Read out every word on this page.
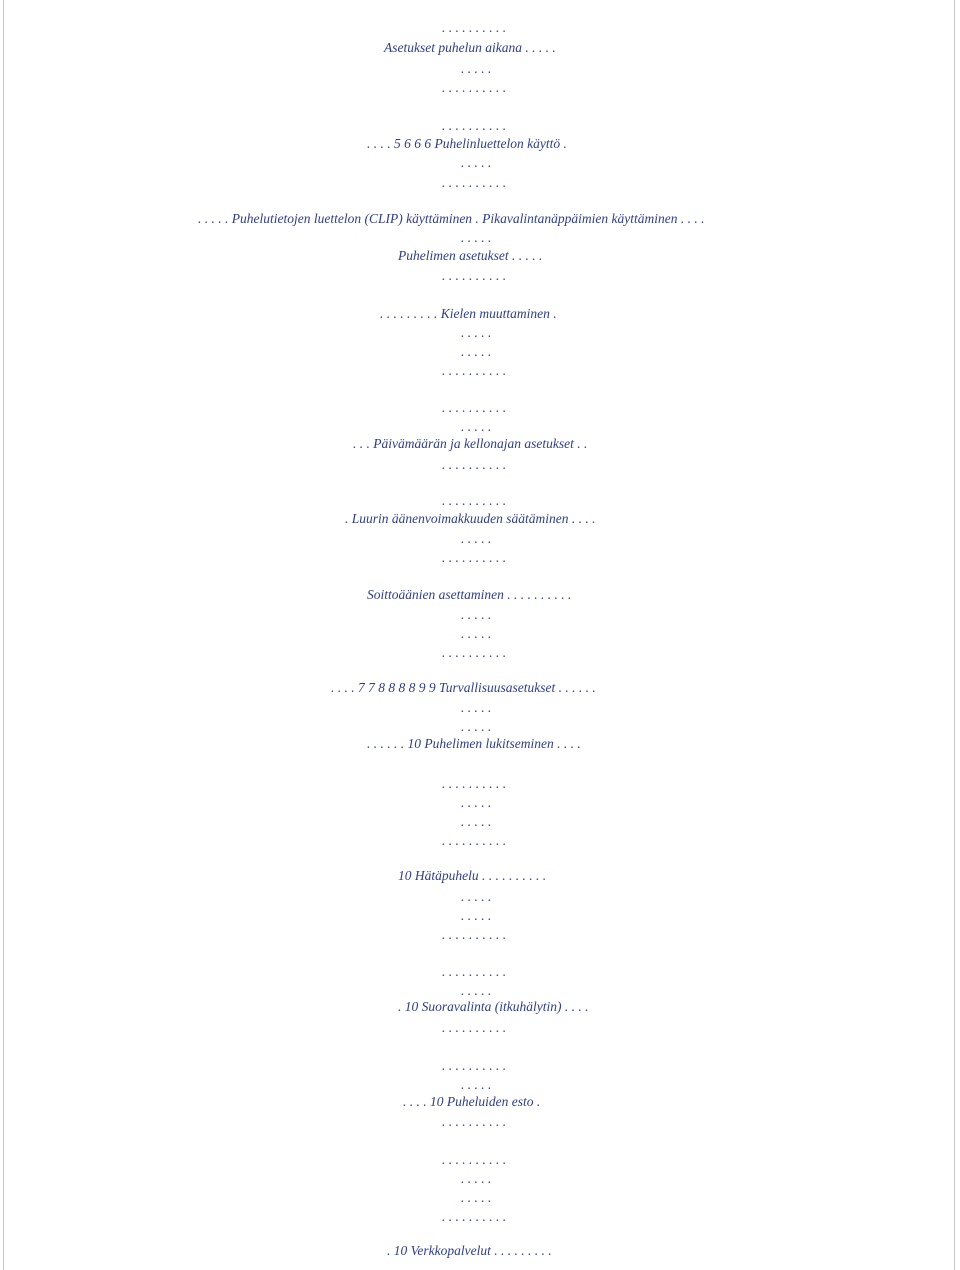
. . . . . . . . . .
Asetukset puhelun aikana . . . . .
. . . . .
. . . . . . . . . .
. . . . . . . . . .
. . . . 5 6 6 6 Puhelinluettelon käyttö .
. . . . .
. . . . . . . . . .
. . . . . Puhelutietojen luettelon (CLIP) käyttäminen . Pikavalintanäppäimien käyttäminen . . . .
. . . . .
Puhelimen asetukset . . . . .
. . . . . . . . . .
. . . . . . . . . Kielen muuttaminen .
. . . . .
. . . . .
. . . . . . . . . .
. . . . . . . . . .
. . . . .
. . . Päivämäärän ja kellonajan asetukset . .
. . . . . . . . . .
. . . . . . . . . .
. Luurin äänenvoimakkuuden säätäminen . . . .
. . . . .
. . . . . . . . . .
Soittoäänien asettaminen . . . . . . . . . .
. . . . .
. . . . .
. . . . . . . . . .
. . . . 7 7 8 8 8 8 9 9 Turvallisuusasetukset . . . . . .
. . . . .
. . . . .
. . . . . . 10 Puhelimen lukitseminen . . . .
. . . . . . . . . .
. . . . .
. . . . .
. . . . . . . . . .
10 Hätäpuhelu . . . . . . . . . .
. . . . .
. . . . .
. . . . . . . . . .
. . . . . . . . . .
. . . . .
. 10 Suoravalinta (itkuhälytin) . . . .
. . . . . . . . . .
. . . . . . . . . .
. . . . .
. . . . 10 Puheluiden esto .
. . . . . . . . . .
. . . . . . . . . .
. . . . .
. . . . .
. . . . . . . . . .
. 10 Verkkopalvelut . . . . . . . . .
